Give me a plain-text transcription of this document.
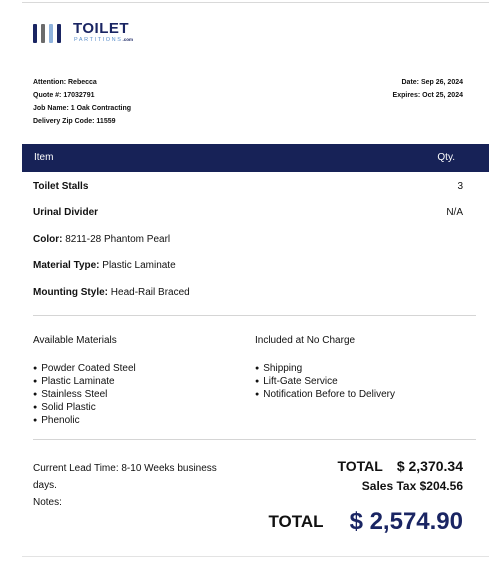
TOILET
PARTITIONS.com
Attention: Rebecca
Quote #: 17032791
Job Name: 1 Oak Contracting
Delivery Zip Code: 11559
Date: Sep 26, 2024
Expires: Oct 25, 2024
Item	Qty.
Toilet Stalls	3
Urinal Divider	N/A
Color: 8211-28 Phantom Pearl
Material Type: Plastic Laminate
Mounting Style: Head-Rail Braced
Available Materials
● Powder Coated Steel
● Plastic Laminate
● Stainless Steel
● Solid Plastic
● Phenolic
Included at No Charge
● Shipping
● Lift-Gate Service
● Notification Before to Delivery
Current Lead Time: 8-10 Weeks business days.
Notes:
TOTAL $ 2,370.34
Sales Tax $204.56
TOTAL $ 2,574.90
